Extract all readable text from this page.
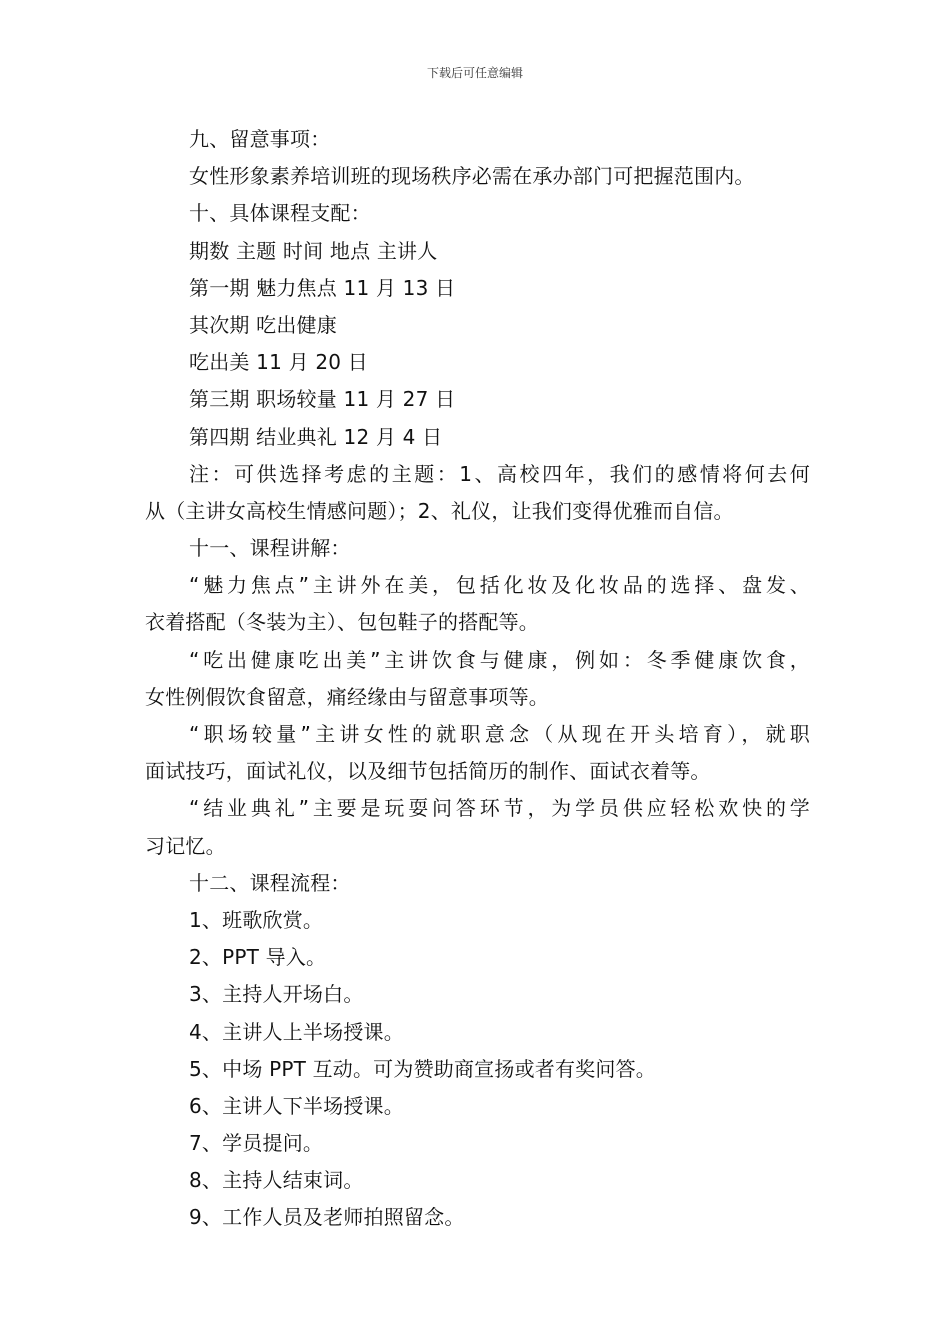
下载后可任意编辑
九、留意事项：
女性形象素养培训班的现场秩序必需在承办部门可把握范围内。
十、具体课程支配：
期数 主题 时间 地点 主讲人
第一期 魅力焦点 11 月 13 日
其次期 吃出健康
吃出美 11 月 20 日
第三期 职场较量 11 月 27 日
第四期 结业典礼 12 月 4 日
注：可供选择考虑的主题：1、高校四年，我们的感情将何去何
从（主讲女高校生情感问题）；2、礼仪，让我们变得优雅而自信。
十一、课程讲解：
“魅力焦点”主讲外在美，包括化妆及化妆品的选择、盘发、
衣着搭配（冬装为主）、包包鞋子的搭配等。
“吃出健康吃出美”主讲饮食与健康，例如：冬季健康饮食，
女性例假饮食留意，痛经缘由与留意事项等。
“职场较量”主讲女性的就职意念（从现在开头培育），就职
面试技巧，面试礼仪，以及细节包括简历的制作、面试衣着等。
“结业典礼”主要是玩耍问答环节，为学员供应轻松欢快的学
习记忆。
十二、课程流程：
1、班歌欣赏。
2、PPT 导入。
3、主持人开场白。
4、主讲人上半场授课。
5、中场 PPT 互动。可为赞助商宣扬或者有奖问答。
6、主讲人下半场授课。
7、学员提问。
8、主持人结束词。
9、工作人员及老师拍照留念。
